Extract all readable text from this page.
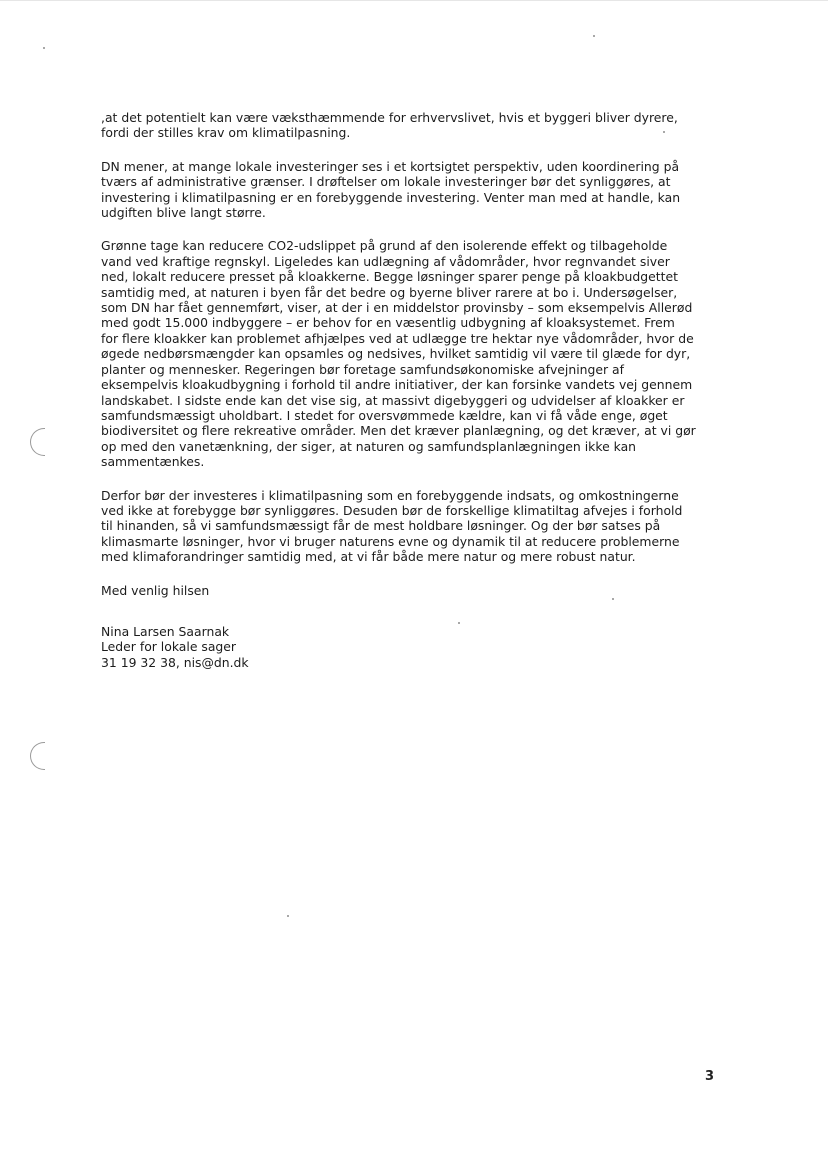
,at det potentielt kan være væksthæmmende for erhvervslivet, hvis et byggeri bliver dyrere,
fordi der stilles krav om klimatilpasning.
DN mener, at mange lokale investeringer ses i et kortsigtet perspektiv, uden koordinering på
tværs af administrative grænser. I drøftelser om lokale investeringer bør det synliggøres, at
investering i klimatilpasning er en forebyggende investering. Venter man med at handle, kan
udgiften blive langt større.
Grønne tage kan reducere CO2-udslippet på grund af den isolerende effekt og tilbageholde
vand ved kraftige regnskyl. Ligeledes kan udlægning af vådområder, hvor regnvandet siver
ned, lokalt reducere presset på kloakkerne. Begge løsninger sparer penge på kloakbudgettet
samtidig med, at naturen i byen får det bedre og byerne bliver rarere at bo i. Undersøgelser,
som DN har fået gennemført, viser, at der i en middelstor provinsby – som eksempelvis Allerød
med godt 15.000 indbyggere – er behov for en væsentlig udbygning af kloaksystemet. Frem
for flere kloakker kan problemet afhjælpes ved at udlægge tre hektar nye vådområder, hvor de
øgede nedbørsmængder kan opsamles og nedsives, hvilket samtidig vil være til glæde for dyr,
planter og mennesker. Regeringen bør foretage samfundsøkonomiske afvejninger af
eksempelvis kloakudbygning i forhold til andre initiativer, der kan forsinke vandets vej gennem
landskabet. I sidste ende kan det vise sig, at massivt digebyggeri og udvidelser af kloakker er
samfundsmæssigt uholdbart. I stedet for oversvømmede kældre, kan vi få våde enge, øget
biodiversitet og flere rekreative områder. Men det kræver planlægning, og det kræver, at vi gør
op med den vanetænkning, der siger, at naturen og samfundsplanlægningen ikke kan
sammentænkes.
Derfor bør der investeres i klimatilpasning som en forebyggende indsats, og omkostningerne
ved ikke at forebygge bør synliggøres. Desuden bør de forskellige klimatiltag afvejes i forhold
til hinanden, så vi samfundsmæssigt får de mest holdbare løsninger. Og der bør satses på
klimasmarte løsninger, hvor vi bruger naturens evne og dynamik til at reducere problemerne
med klimaforandringer samtidig med, at vi får både mere natur og mere robust natur.
Med venlig hilsen
Nina Larsen Saarnak
Leder for lokale sager
31 19 32 38, nis@dn.dk
3
